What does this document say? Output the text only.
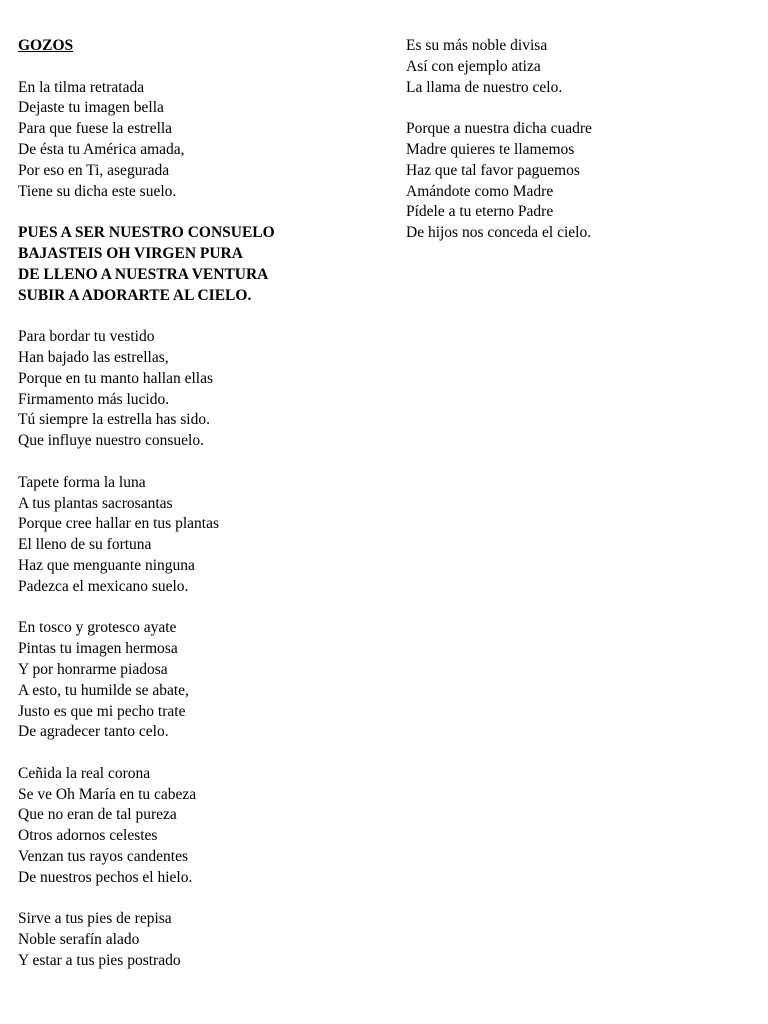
GOZOS
En la tilma retratada
Dejaste tu imagen bella
Para que fuese la estrella
De ésta tu América amada,
Por eso en Ti, asegurada
Tiene su dicha este suelo.
PUES A SER NUESTRO CONSUELO
BAJASTEIS OH VIRGEN PURA
DE LLENO A NUESTRA VENTURA
SUBIR A ADORARTE AL CIELO.
Para bordar tu vestido
Han bajado las estrellas,
Porque en tu manto hallan ellas
Firmamento más lucido.
Tú siempre la estrella has sido.
Que influye nuestro consuelo.
Tapete forma la luna
A tus plantas sacrosantas
Porque cree hallar en tus plantas
El lleno de su fortuna
Haz que menguante ninguna
Padezca el mexicano suelo.
En tosco y grotesco ayate
Pintas tu imagen hermosa
Y por honrarme piadosa
A esto, tu humilde se abate,
Justo es que mi pecho trate
De agradecer tanto celo.
Ceñida la real corona
Se ve Oh María en tu cabeza
Que no eran de tal pureza
Otros adornos celestes
Venzan tus rayos candentes
De nuestros pechos el hielo.
Sirve a tus pies de repisa
Noble serafín alado
Y estar a tus pies postrado
Es su más noble divisa
Así con ejemplo atiza
La llama de nuestro celo.
Porque a nuestra dicha cuadre
Madre quieres te llamemos
Haz que tal favor paguemos
Amándote como Madre
Pídele a tu eterno Padre
De hijos nos conceda el cielo.
